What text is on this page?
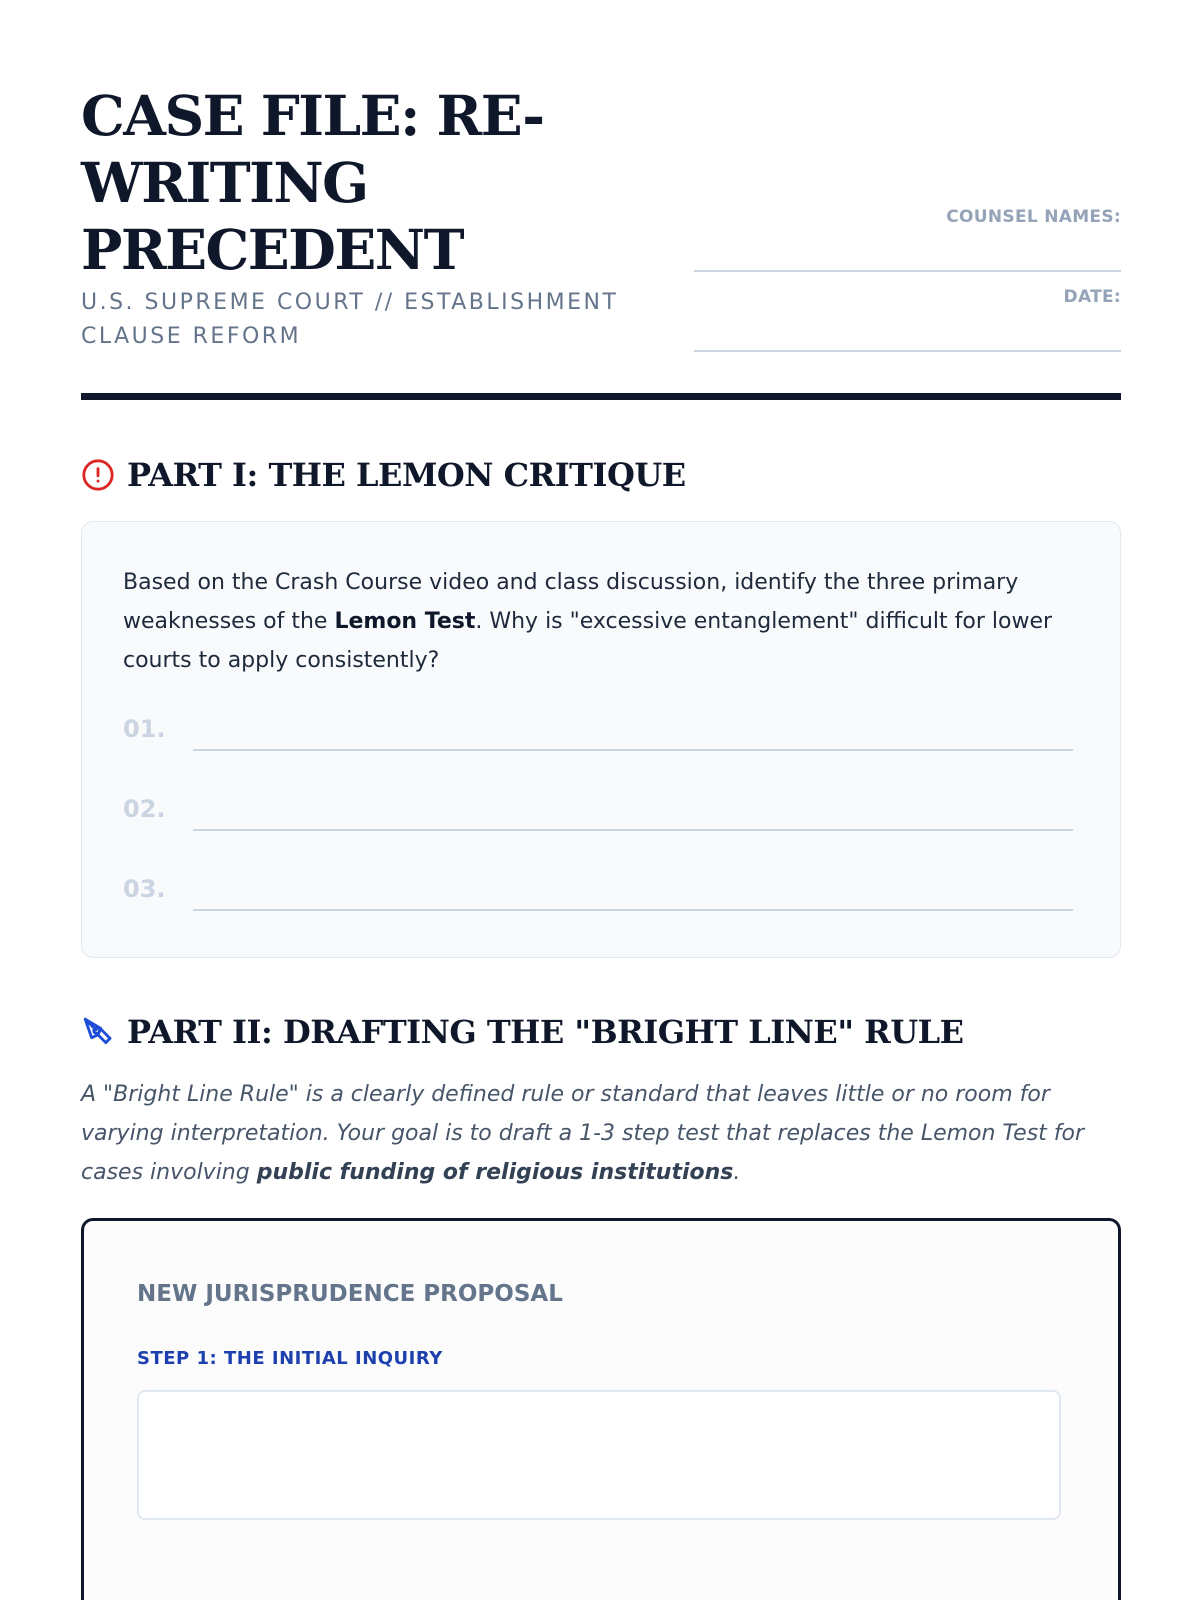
CASE FILE: RE-WRITING PRECEDENT

U.S. SUPREME COURT // ESTABLISHMENT CLAUSE REFORM

COUNSEL NAMES:
DATE:
PART I: THE LEMON CRITIQUE

Based on the Crash Course video and class discussion, identify the three primary weaknesses of the Lemon Test. Why is "excessive entanglement" difficult for lower courts to apply consistently?

01.
02.
03.
PART II: DRAFTING THE "BRIGHT LINE" RULE

A "Bright Line Rule" is a clearly defined rule or standard that leaves little or no room for varying interpretation. Your goal is to draft a 1-3 step test that replaces the Lemon Test for cases involving public funding of religious institutions.

NEW JURISPRUDENCE PROPOSAL
STEP 1: THE INITIAL INQUIRY
